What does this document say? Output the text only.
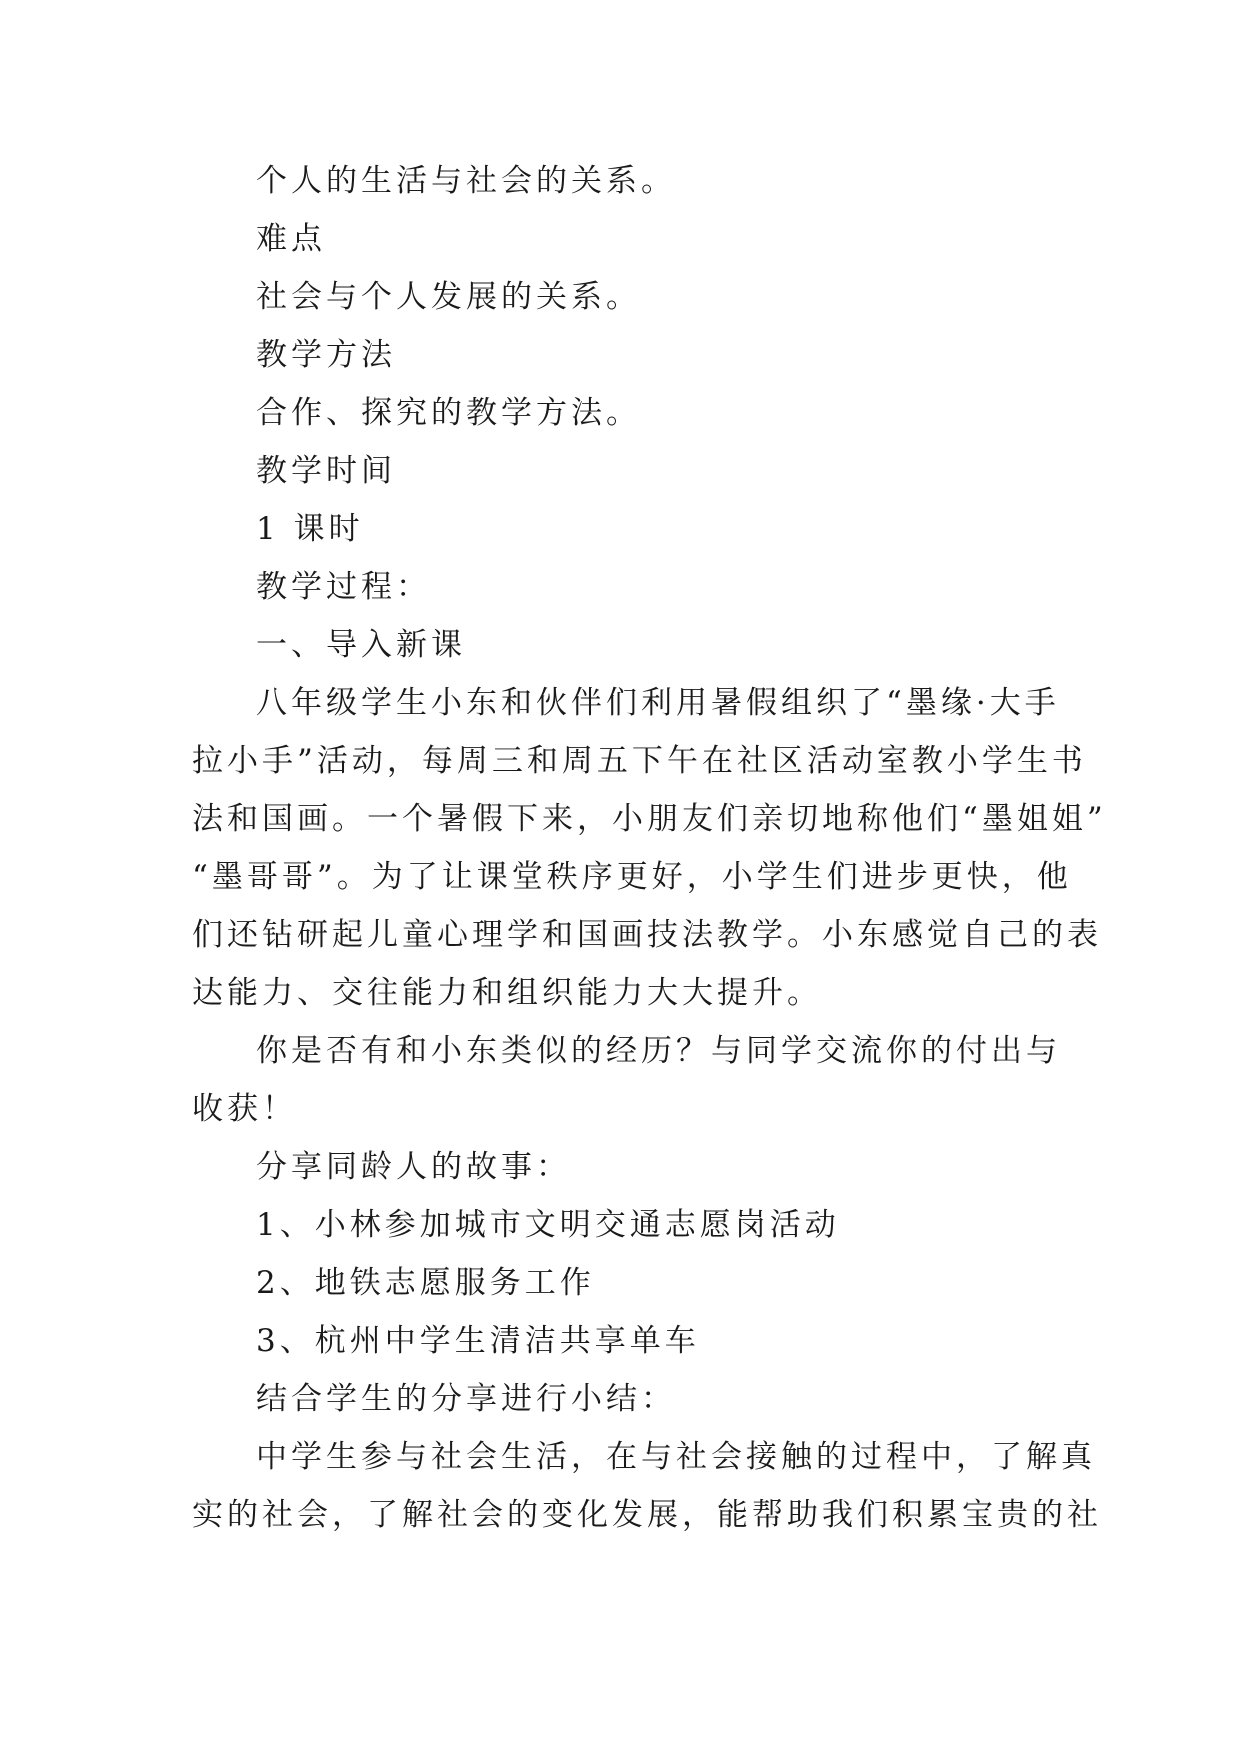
个人的生活与社会的关系。
难点
社会与个人发展的关系。
教学方法
合作、探究的教学方法。
教学时间
1 课时
教学过程：
一、导入新课
八年级学生小东和伙伴们利用暑假组织了“墨缘·大手
拉小手”活动，每周三和周五下午在社区活动室教小学生书
法和国画。一个暑假下来，小朋友们亲切地称他们“墨姐姐”
“墨哥哥”。为了让课堂秩序更好，小学生们进步更快，他
们还钻研起儿童心理学和国画技法教学。小东感觉自己的表
达能力、交往能力和组织能力大大提升。
你是否有和小东类似的经历？与同学交流你的付出与
收获！
分享同龄人的故事：
1、小林参加城市文明交通志愿岗活动
2、地铁志愿服务工作
3、杭州中学生清洁共享单车
结合学生的分享进行小结：
中学生参与社会生活，在与社会接触的过程中，了解真
实的社会，了解社会的变化发展，能帮助我们积累宝贵的社
